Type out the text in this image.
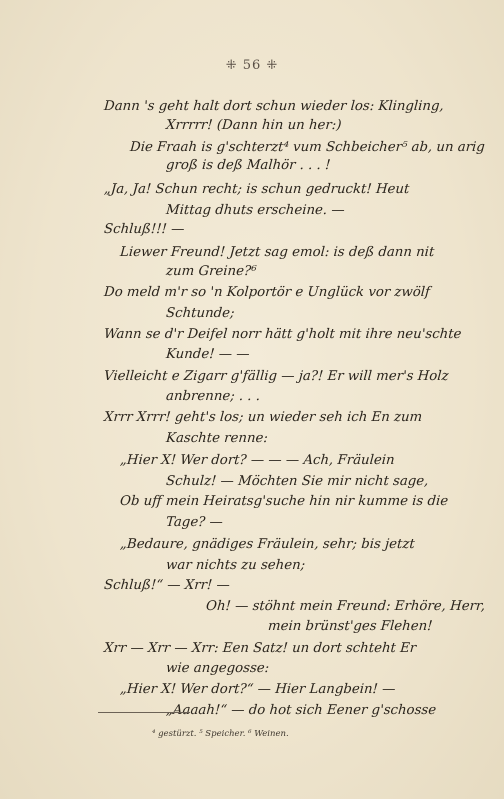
⁜ 56 ⁜
Dann 's geht halt dort schun wieder los: Klingling,
Xrrrrr! (Dann hin un her:)
Die Fraah is g'schterzt⁴ vum Schbeicher⁵ ab, un arig
groß is deß Malhör . . . !
„Ja, Ja! Schun recht; is schun gedruckt! Heut
Mittag dhuts erscheine. —
Schluß!!! —
Liewer Freund! Jetzt sag emol: is deß dann nit
zum Greine?⁶
Do meld m'r so 'n Kolportör e Unglück vor zwölf
Schtunde;
Wann se d'r Deifel norr hätt g'holt mit ihre neu'schte
Kunde! — —
Vielleicht e Zigarr g'fällig — ja?! Er will mer's Holz
anbrenne; . . .
Xrrr Xrrr! geht's los; un wieder seh ich En zum
Kaschte renne:
„Hier X! Wer dort? — — — Ach, Fräulein
Schulz! — Möchten Sie mir nicht sage,
Ob uff mein Heiratsg'suche hin nir kumme is die
Tage? —
„Bedaure, gnädiges Fräulein, sehr; bis jetzt
war nichts zu sehen;
Schluß!“ — Xrr! —
Oh! — stöhnt mein Freund: Erhöre, Herr,
mein brünst'ges Flehen!
Xrr — Xrr — Xrr: Een Satz! un dort schteht Er
wie angegosse:
„Hier X! Wer dort?“ — Hier Langbein! —
„Aaaah!“ — do hot sich Eener g'schosse
⁴ gestürzt. ⁵ Speicher. ⁶ Weinen.
